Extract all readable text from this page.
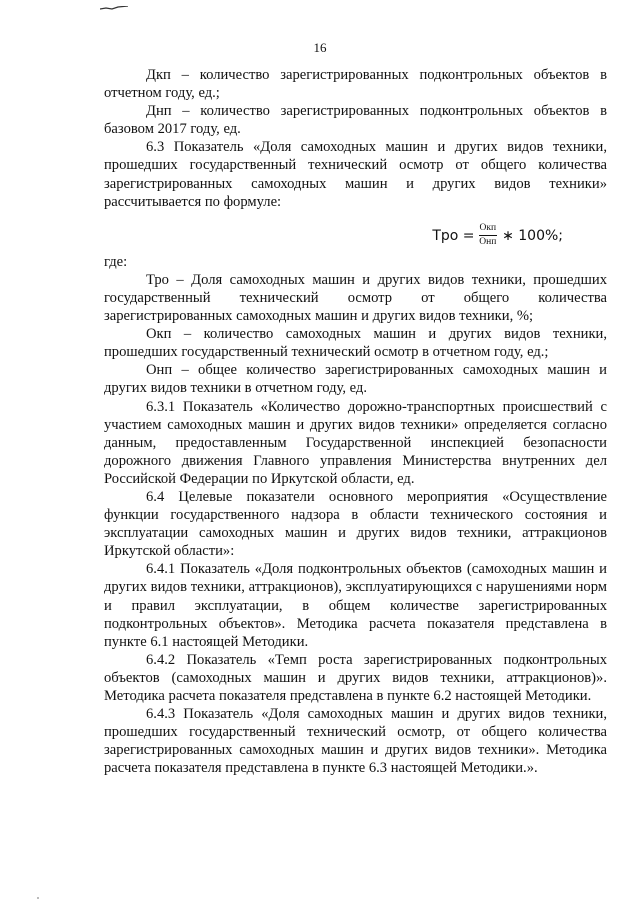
16

Дкп – количество зарегистрированных подконтрольных объектов в отчетном году, ед.;

Днп – количество зарегистрированных подконтрольных объектов в базовом 2017 году, ед.

6.3 Показатель «Доля самоходных машин и других видов техники, прошедших государственный технический осмотр от общего количества зарегистрированных самоходных машин и других видов техники» рассчитывается по формуле:

Тро = $\frac{\text{Окп}}{\text{Онп}}$ ∗ 100%;

где:

Тро – Доля самоходных машин и других видов техники, прошедших государственный технический осмотр от общего количества зарегистрированных самоходных машин и других видов техники, %;

Окп – количество самоходных машин и других видов техники, прошедших государственный технический осмотр в отчетном году, ед.;

Онп – общее количество зарегистрированных самоходных машин и других видов техники в отчетном году, ед.

6.3.1 Показатель «Количество дорожно-транспортных происшествий с участием самоходных машин и других видов техники» определяется согласно данным, предоставленным Государственной инспекцией безопасности дорожного движения Главного управления Министерства внутренних дел Российской Федерации по Иркутской области, ед.

6.4 Целевые показатели основного мероприятия «Осуществление функции государственного надзора в области технического состояния и эксплуатации самоходных машин и других видов техники, аттракционов Иркутской области»:

6.4.1 Показатель «Доля подконтрольных объектов (самоходных машин и других видов техники, аттракционов), эксплуатирующихся с нарушениями норм и правил эксплуатации, в общем количестве зарегистрированных подконтрольных объектов». Методика расчета показателя представлена в пункте 6.1 настоящей Методики.

6.4.2 Показатель «Темп роста зарегистрированных подконтрольных объектов (самоходных машин и других видов техники, аттракционов)». Методика расчета показателя представлена в пункте 6.2 настоящей Методики.

6.4.3 Показатель «Доля самоходных машин и других видов техники, прошедших государственный технический осмотр, от общего количества зарегистрированных самоходных машин и других видов техники». Методика расчета показателя представлена в пункте 6.3 настоящей Методики.».
